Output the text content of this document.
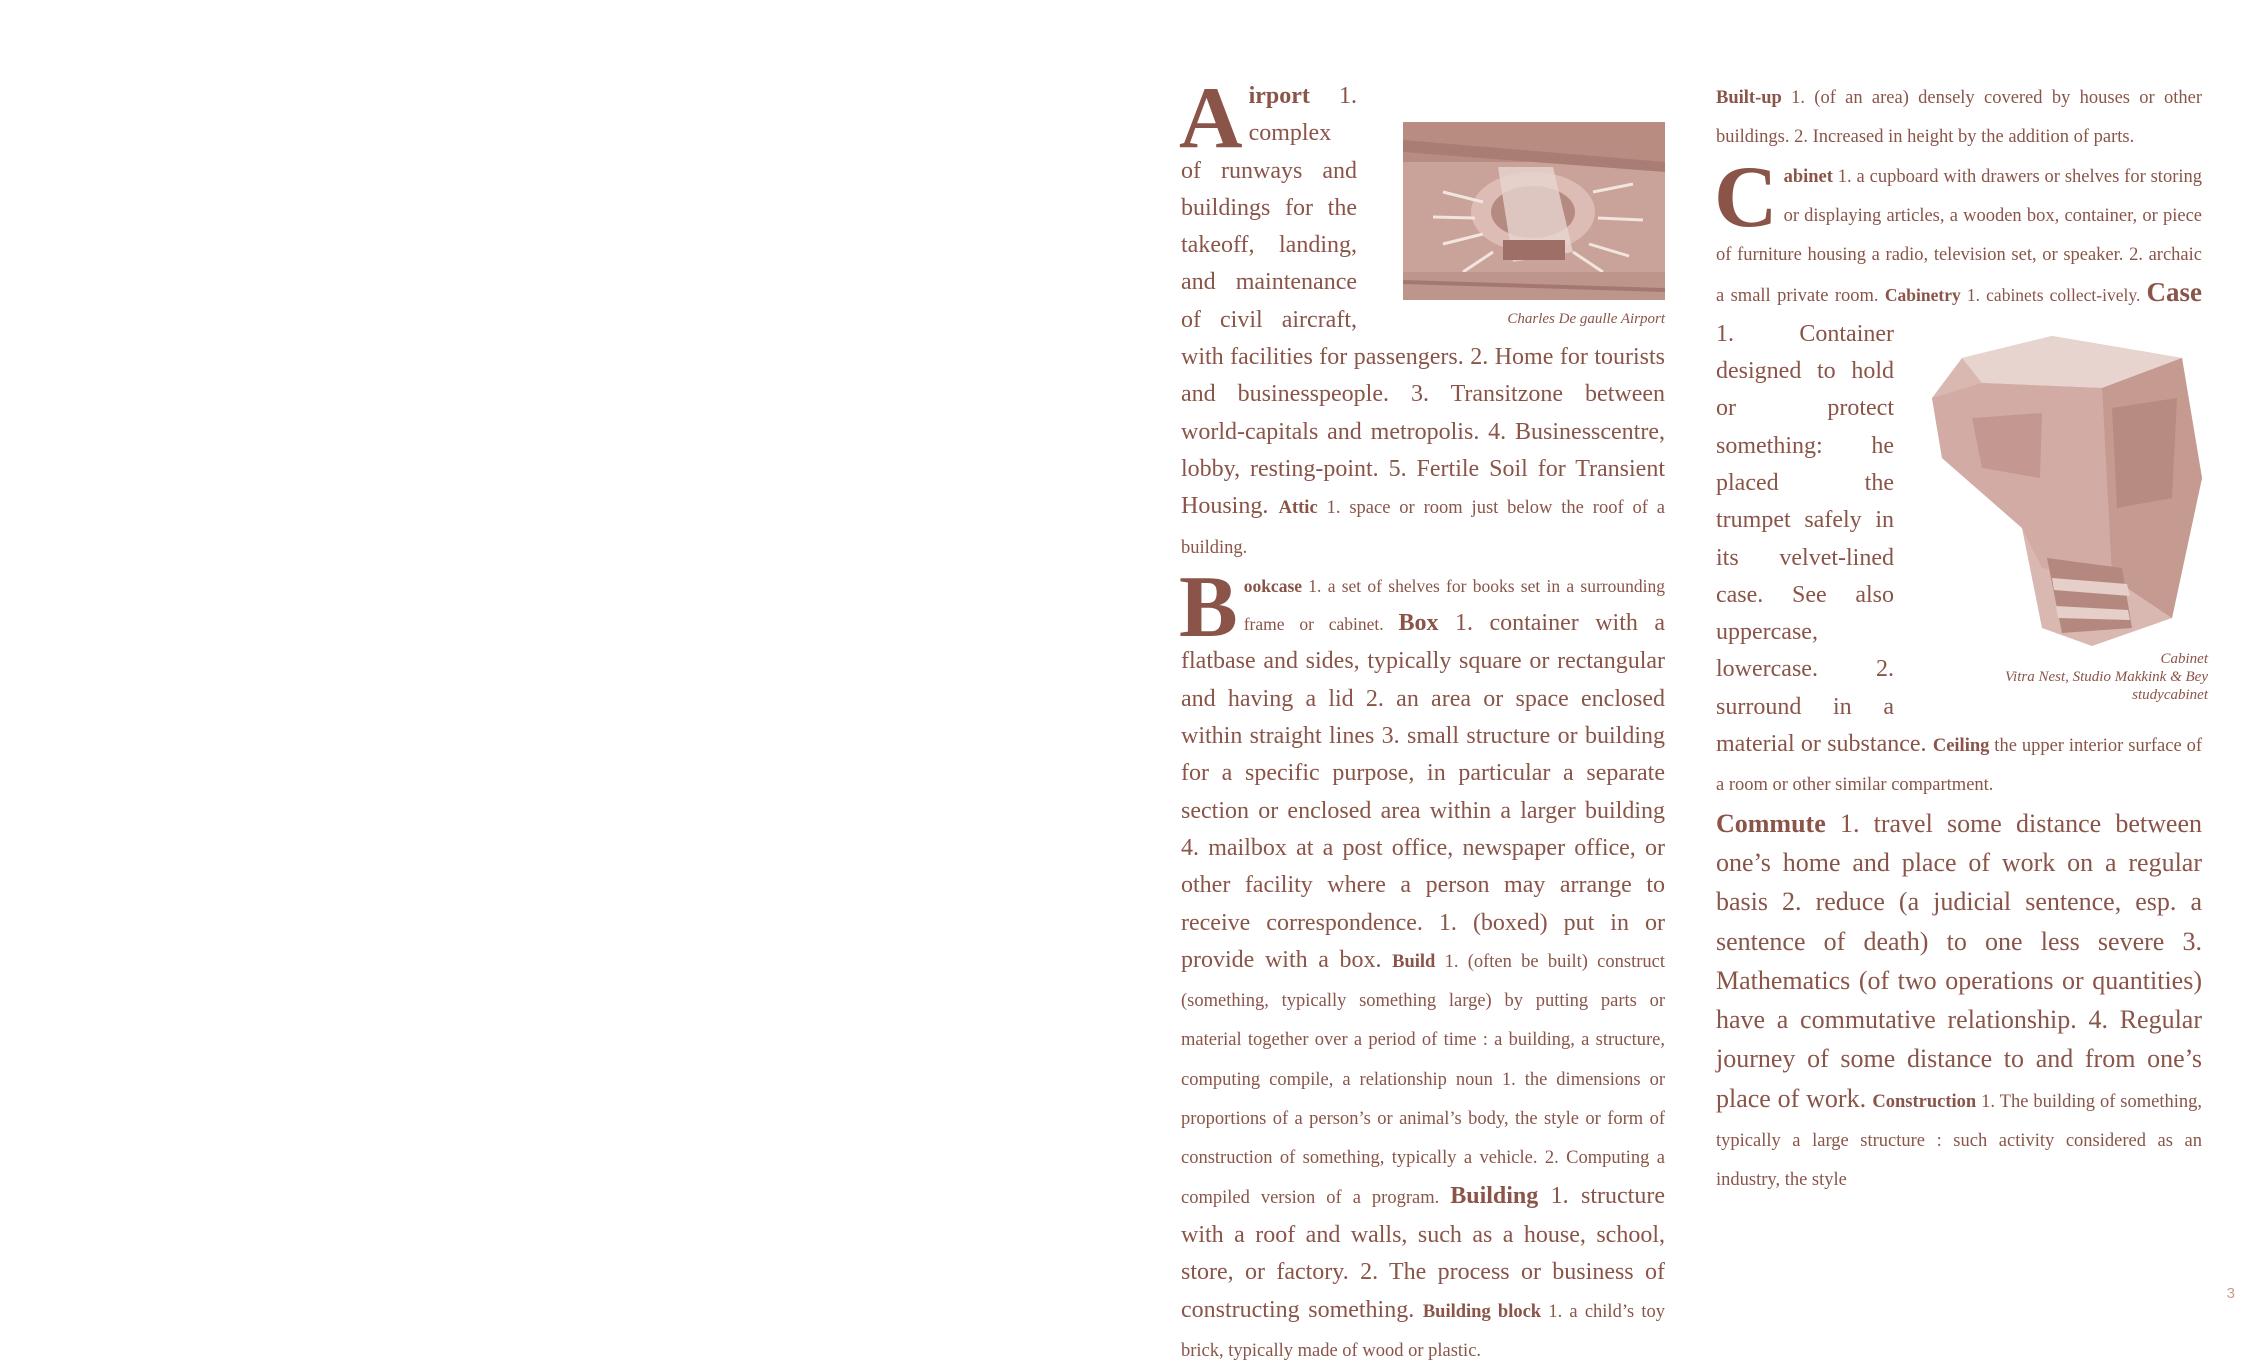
A
Charles De gaulle Airport
irport 1. complex of runways and buildings for the takeoff, landing, and maintenance of civil aircraft, with facilities for passengers. 2. Home for tourists and businesspeople. 3. Transitzone between world-capitals and metropolis. 4. Businesscentre, lobby, resting-point. 5. Fertile Soil for Transient Housing. Attic 1. space or room just below the roof of a building.

B ookcase 1. a set of shelves for books set in a surrounding frame or cabinet. Box 1. container with a flatbase and sides, typically square or rectangular and having a lid 2. an area or space enclosed within straight lines 3. small structure or building for a specific purpose, in particular a separate section or enclosed area within a larger building 4. mailbox at a post office, newspaper office, or other facility where a person may arrange to receive correspondence. 1. (boxed) put in or provide with a box. Build 1. (often be built) construct (something, typically something large) by putting parts or material together over a period of time : a building, a structure, computing compile, a relationship noun 1. the dimensions or proportions of a person’s or animal’s body, the style or form of construction of something, typically a vehicle. 2. Computing a compiled version of a program. Building 1. structure with a roof and walls, such as a house, school, store, or factory. 2. The process or business of constructing something. Building block 1. a child’s toy brick, typically made of wood or plastic.
Built-up 1. (of an area) densely covered by houses or other buildings. 2. Increased in height by the addition of parts.

C abinet 1. a cupboard with drawers or shelves for storing or displaying articles, a wooden box, container, or piece of furniture housing a radio, television set, or speaker. 2. archaic a small private room. Cabinetry 1. cabinets collect-ively.
Cabinet
Vitra Nest, Studio Makkink & Bey
studycabinet
Case 1. Container designed to hold or protect something: he placed the trumpet safely in its velvet-lined case. See also uppercase, lowercase. 2. surround in a material or substance. Ceiling the upper interior surface of a room or other similar compartment.
Commute 1. travel some distance between one’s home and place of work on a regular basis 2. reduce (a judicial sentence, esp. a sentence of death) to one less severe 3. Mathematics (of two operations or quantities) have a commutative relationship. 4. Regular journey of some distance to and from one’s place of work. Construction 1. The building of something, typically a large structure : such activity considered as an industry, the style
3
